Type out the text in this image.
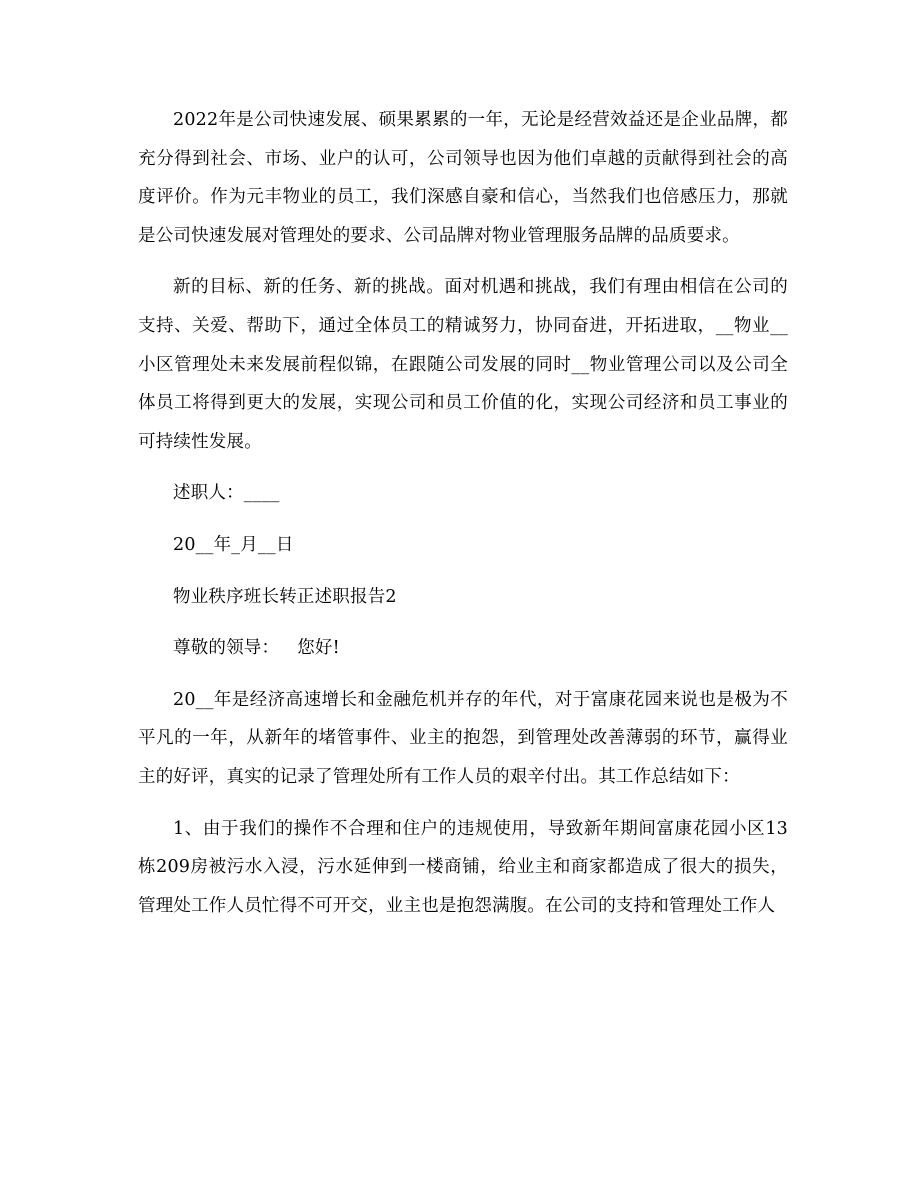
2022年是公司快速发展、硕果累累的一年，无论是经营效益还是企业品牌，都充分得到社会、市场、业户的认可，公司领导也因为他们卓越的贡献得到社会的高度评价。作为元丰物业的员工，我们深感自豪和信心，当然我们也倍感压力，那就是公司快速发展对管理处的要求、公司品牌对物业管理服务品牌的品质要求。

新的目标、新的任务、新的挑战。面对机遇和挑战，我们有理由相信在公司的支持、关爱、帮助下，通过全体员工的精诚努力，协同奋进，开拓进取，__物业__小区管理处未来发展前程似锦，在跟随公司发展的同时__物业管理公司以及公司全体员工将得到更大的发展，实现公司和员工价值的化，实现公司经济和员工事业的可持续性发展。

述职人：____

20__年_月__日

物业秩序班长转正述职报告2

尊敬的领导： 您好!

20__年是经济高速增长和金融危机并存的年代，对于富康花园来说也是极为不平凡的一年，从新年的堵管事件、业主的抱怨，到管理处改善薄弱的环节，赢得业主的好评，真实的记录了管理处所有工作人员的艰辛付出。其工作总结如下：

1、由于我们的操作不合理和住户的违规使用，导致新年期间富康花园小区13栋209房被污水入浸，污水延伸到一楼商铺，给业主和商家都造成了很大的损失，管理处工作人员忙得不可开交，业主也是抱怨满腹。在公司的支持和管理处工作人
